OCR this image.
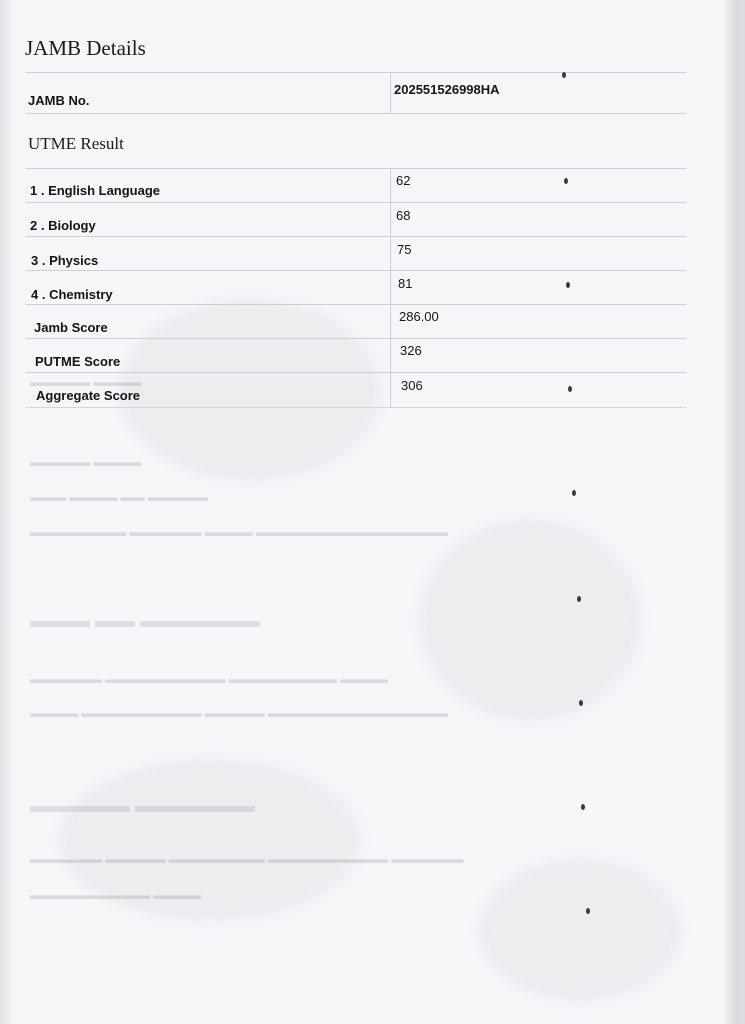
▬▬▬ ▬▬ ▬▬▬▬▬▬
▬▬▬▬▬ ▬▬▬▬▬▬
▬▬▬▬▬ ▬▬▬▬
▬▬▬▬▬ ▬▬▬▬
▬▬▬ ▬▬▬▬ ▬▬ ▬▬▬▬▬
▬▬▬▬▬▬▬▬ ▬▬▬▬▬▬ ▬▬▬▬ ▬▬▬▬▬▬▬▬▬▬▬▬▬▬▬▬
▬▬▬▬▬▬ ▬▬▬▬▬▬▬▬▬▬ ▬▬▬▬▬▬▬▬▬ ▬▬▬▬
▬▬▬▬ ▬▬▬▬▬▬▬▬▬▬ ▬▬▬▬▬ ▬▬▬▬▬▬▬▬▬▬▬▬▬▬▬
▬▬▬▬▬▬ ▬▬▬▬▬ ▬▬▬▬▬▬▬▬ ▬▬▬▬▬▬▬▬▬▬ ▬▬▬▬▬▬
▬▬▬▬▬▬▬▬▬▬ ▬▬▬▬
JAMB Details
JAMB No.
202551526998HA
UTME Result
1 . English Language
62
2 . Biology
68
3 . Physics
75
4 . Chemistry
81
Jamb Score
286.00
PUTME Score
326
Aggregate Score
306
